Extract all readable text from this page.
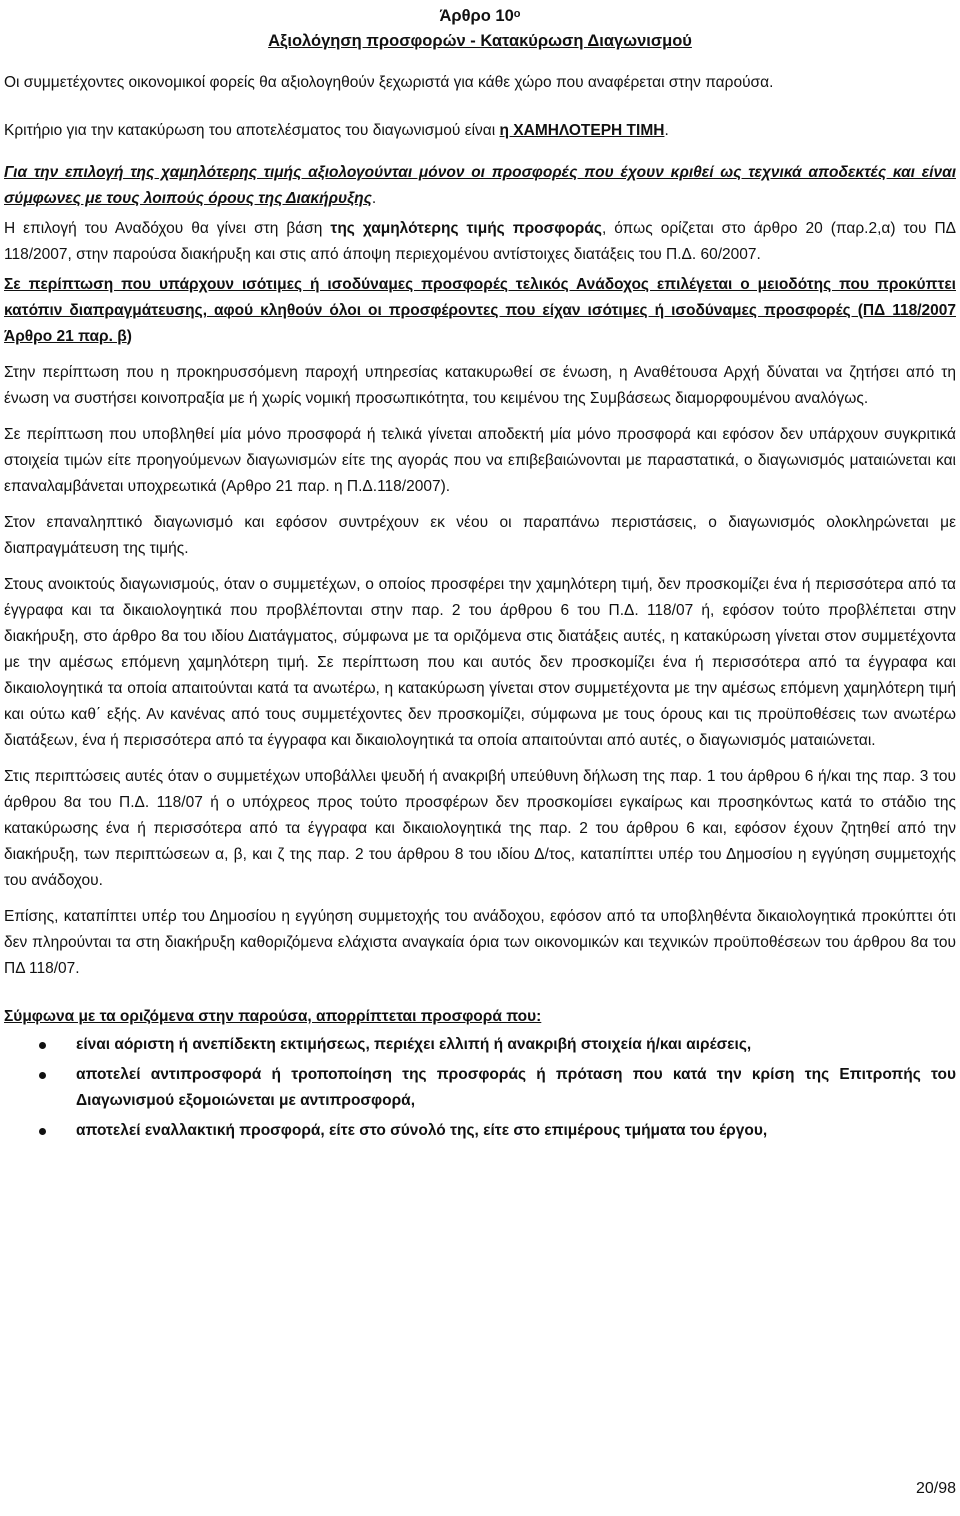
Άρθρο $10^o$
Αξιολόγηση προσφορών - Κατακύρωση Διαγωνισμού

Οι συμμετέχοντες οικονομικοί φορείς θα αξιολογηθούν ξεχωριστά για κάθε χώρο που αναφέρεται στην παρούσα.

Κριτήριο για την κατακύρωση του αποτελέσματος του διαγωνισμού είναι η ΧΑΜΗΛΟΤΕΡΗ ΤΙΜΗ.

Για την επιλογή της χαμηλότερης τιμής αξιολογούνται μόνον οι προσφορές που έχουν κριθεί ως τεχνικά αποδεκτές και είναι σύμφωνες με τους λοιπούς όρους της Διακήρυξης.

Η επιλογή του Αναδόχου θα γίνει στη βάση της χαμηλότερης τιμής προσφοράς, όπως ορίζεται στο άρθρο 20 (παρ.2,α) του ΠΔ 118/2007, στην παρούσα διακήρυξη και στις από άποψη περιεχομένου αντίστοιχες διατάξεις του Π.Δ. 60/2007.

Σε περίπτωση που υπάρχουν ισότιμες ή ισοδύναμες προσφορές τελικός Ανάδοχος επιλέγεται ο μειοδότης που προκύπτει κατόπιν διαπραγμάτευσης, αφού κληθούν όλοι οι προσφέροντες που είχαν ισότιμες ή ισοδύναμες προσφορές (ΠΔ 118/2007 Άρθρο 21 παρ. β)

Στην περίπτωση που η προκηρυσσόμενη παροχή υπηρεσίας κατακυρωθεί σε ένωση, η Αναθέτουσα Αρχή δύναται να ζητήσει από τη ένωση να συστήσει κοινοπραξία με ή χωρίς νομική προσωπικότητα, του κειμένου της Συμβάσεως διαμορφουμένου αναλόγως.

Σε περίπτωση που υποβληθεί μία μόνο προσφορά ή τελικά γίνεται αποδεκτή μία μόνο προσφορά και εφόσον δεν υπάρχουν συγκριτικά στοιχεία τιμών είτε προηγούμενων διαγωνισμών είτε της αγοράς που να επιβεβαιώνονται με παραστατικά, ο διαγωνισμός ματαιώνεται και επαναλαμβάνεται υποχρεωτικά (Αρθρο 21 παρ. η Π.Δ.118/2007).

Στον επαναληπτικό διαγωνισμό και εφόσον συντρέχουν εκ νέου οι παραπάνω περιστάσεις, ο διαγωνισμός ολοκληρώνεται με διαπραγμάτευση της τιμής.

Στους ανοικτούς διαγωνισμούς, όταν ο συμμετέχων, ο οποίος προσφέρει την χαμηλότερη τιμή, δεν προσκομίζει ένα ή περισσότερα από τα έγγραφα και τα δικαιολογητικά που προβλέπονται στην παρ. 2 του άρθρου 6 του Π.Δ. 118/07 ή, εφόσον τούτο προβλέπεται στην διακήρυξη, στο άρθρο 8α του ιδίου Διατάγματος, σύμφωνα με τα οριζόμενα στις διατάξεις αυτές, η κατακύρωση γίνεται στον συμμετέχοντα με την αμέσως επόμενη χαμηλότερη τιμή. Σε περίπτωση που και αυτός δεν προσκομίζει ένα ή περισσότερα από τα έγγραφα και δικαιολογητικά τα οποία απαιτούνται κατά τα ανωτέρω, η κατακύρωση γίνεται στον συμμετέχοντα με την αμέσως επόμενη χαμηλότερη τιμή και ούτω καθ΄ εξής. Αν κανένας από τους συμμετέχοντες δεν προσκομίζει, σύμφωνα με τους όρους και τις προϋποθέσεις των ανωτέρω διατάξεων, ένα ή περισσότερα από τα έγγραφα και δικαιολογητικά τα οποία απαιτούνται από αυτές, ο διαγωνισμός ματαιώνεται.

Στις περιπτώσεις αυτές όταν ο συμμετέχων υποβάλλει ψευδή ή ανακριβή υπεύθυνη δήλωση της παρ. 1 του άρθρου 6 ή/και της παρ. 3 του άρθρου 8α του Π.Δ. 118/07 ή ο υπόχρεος προς τούτο προσφέρων δεν προσκομίσει εγκαίρως και προσηκόντως κατά το στάδιο της κατακύρωσης ένα ή περισσότερα από τα έγγραφα και δικαιολογητικά της παρ. 2 του άρθρου 6 και, εφόσον έχουν ζητηθεί από την διακήρυξη, των περιπτώσεων α, β, και ζ της παρ. 2 του άρθρου 8 του ιδίου Δ/τος, καταπίπτει υπέρ του Δημοσίου η εγγύηση συμμετοχής του ανάδοχου.

Επίσης, καταπίπτει υπέρ του Δημοσίου η εγγύηση συμμετοχής του ανάδοχου, εφόσον από τα υποβληθέντα δικαιολογητικά προκύπτει ότι δεν πληρούνται τα στη διακήρυξη καθοριζόμενα ελάχιστα αναγκαία όρια των οικονομικών και τεχνικών προϋποθέσεων του άρθρου 8α του ΠΔ 118/07.

Σύμφωνα με τα οριζόμενα στην παρούσα, απορρίπτεται προσφορά που:
είναι αόριστη ή ανεπίδεκτη εκτιμήσεως, περιέχει ελλιπή ή ανακριβή στοιχεία ή/και αιρέσεις,
αποτελεί αντιπροσφορά ή τροποποίηση της προσφοράς ή πρόταση που κατά την κρίση της Επιτροπής του Διαγωνισμού εξομοιώνεται με αντιπροσφορά,
αποτελεί εναλλακτική προσφορά, είτε στο σύνολό της, είτε στο επιμέρους τμήματα του έργου,
20/98
